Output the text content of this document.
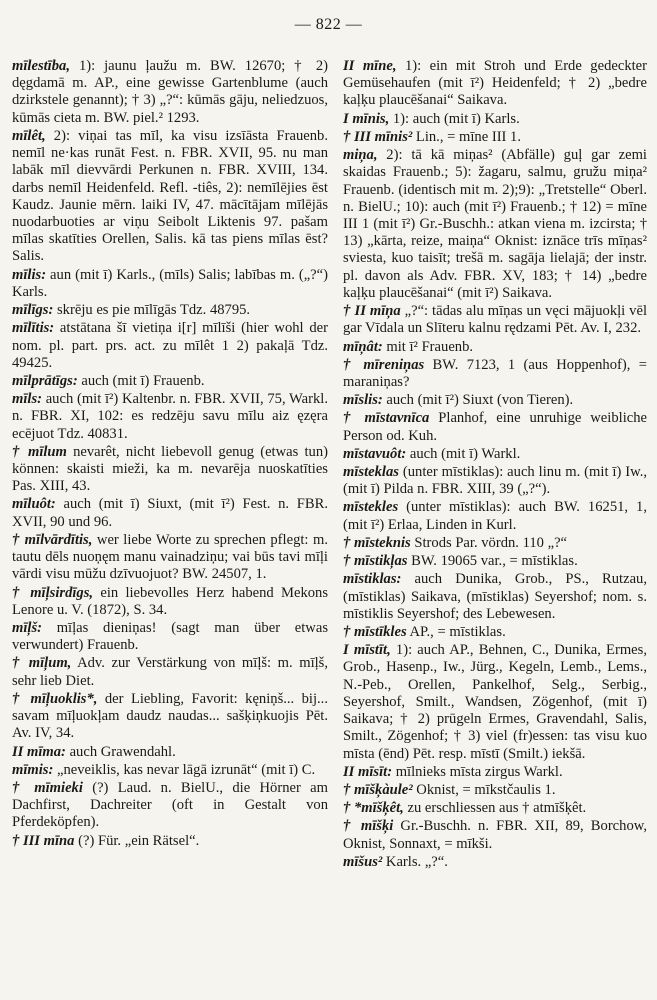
— 822 —

mīlestība, 1): jaunu ļaužu m. BW. 12670; † 2) dęgdamā m. AP., eine gewisse Gartenblume (auch dzirkstele genannt); † 3) „?“: kūmās gāju, neliedzuos, kūmās cieta m. BW. piel.² 1293.

mīlêt, 2): viņai tas mīl, ka visu izsīāsta Frauenb. nemīl ne·kas runāt Fest. n. FBR. XVII, 95. nu man labāk mīl dievvārdi Perkunen n. FBR. XVIII, 134. darbs nemīl Heidenfeld. Refl. -tiês, 2): nemīlējies ēst Kaudz. Jaunie mērn. laiki IV, 47. mācītājam mīlējās nuodarbuoties ar viņu Seibolt Liktenis 97. pašam mīlas skatīties Orellen, Salis. kā tas piens mīlas ēst? Salis.

mīlis: aun (mit ī) Karls., (mīls) Salis; labības m. („?“) Karls.

mīlīgs: skrēju es pie mīlīgās Tdz. 48795.

mīlītis: atstātana šī vietiņa i[r] mīlīši (hier wohl der nom. pl. part. prs. act. zu mīlêt 1 2) pakaļā Tdz. 49425.

mīlprātīgs: auch (mit ī) Frauenb.

mīls: auch (mit ī²) Kaltenbr. n. FBR. XVII, 75, Warkl. n. FBR. XI, 102: es redzēju savu mīlu aiz ęzęra ecējuot Tdz. 40831.

† mīlum nevarêt, nicht liebevoll genug (etwas tun) können: skaisti mieži, ka m. nevarēja nuoskatīties Pas. XIII, 43.

mīluôt: auch (mit ī) Siuxt, (mit ī²) Fest. n. FBR. XVII, 90 und 96.

† mīlvārdītis, wer liebe Worte zu sprechen pflegt: m. tautu dēls nuoņęm manu vainadziņu; vai būs tavi mīļi vārdi visu mūžu dzīvuojuot? BW. 24507, 1.

† mīļsirdīgs, ein liebevolles Herz habend Mekons Lenore u. V. (1872), S. 34.

mīļš: mīļas dieniņas! (sagt man über etwas verwundert) Frauenb.

† mīļum, Adv. zur Verstärkung von mīļš: m. mīļš, sehr lieb Diet.

† mīļuoklis*, der Liebling, Favorit: kęniņš... bij... savam mīļuokļam daudz naudas... sašķiņkuojis Pēt. Av. IV, 34.

II mīma: auch Grawendahl.

mīmis: „neveiklis, kas nevar lāgā izrunāt“ (mit ī) C.

† mīmieki (?) Laud. n. BielU., die Hörner am Dachfirst, Dachreiter (oft in Gestalt von Pferdeköpfen).

† III mīna (?) Für. „ein Rätsel“.

II mīne, 1): ein mit Stroh und Erde gedeckter Gemüsehaufen (mit ī²) Heidenfeld; † 2) „bedre kaļķu plaucēšanai“ Saikava.

I mīnis, 1): auch (mit ī) Karls.

† III mīnis² Lin., = mīne III 1.

miņa, 2): tā kā miņas² (Abfälle) guļ gar zemi skaidas Frauenb.; 5): žagaru, salmu, gružu miņa² Frauenb. (identisch mit m. 2);9): „Tretstelle“ Oberl. n. BielU.; 10): auch (mit ī²) Frauenb.; † 12) = mīne III 1 (mit ī²) Gr.-Buschh.: atkan viena m. izcirsta; † 13) „kārta, reize, maiņa“ Oknist: iznāce trīs mīņas² sviesta, kuo taisīt; trešā m. sagāja lielajā; der instr. pl. davon als Adv. FBR. XV, 183; † 14) „bedre kaļķu plaucēšanai“ (mit ī²) Saikava.

† II mīņa „?“: tādas alu mīņas un vęci mājuokļi vēl gar Vīdala un Slīteru kalnu rędzami Pēt. Av. I, 232.

mīņât: mit ī² Frauenb.

† mīreniņas BW. 7123, 1 (aus Hoppenhof), = maraniņas?

mīslis: auch (mit ī²) Siuxt (von Tieren).

† mīstavnīca Planhof, eine unruhige weibliche Person od. Kuh.

mīstavuôt: auch (mit ī) Warkl.

mīsteklas (unter mīstiklas): auch linu m. (mit ī) Iw., (mit ī) Pilda n. FBR. XIII, 39 („?“).

mīstekles (unter mīstiklas): auch BW. 16251, 1, (mit ī²) Erlaa, Linden in Kurl.

† mīsteknis Strods Par. vördn. 110 „?“

† mīstikļas BW. 19065 var., = mīstiklas.

mīstiklas: auch Dunika, Grob., PS., Rutzau, (mīstiklas) Saikava, (mīstiklas) Seyershof; nom. s. mīstiklis Seyershof; des Lebewesen.

† mīstīkles AP., = mīstiklas.

I mīstīt, 1): auch AP., Behnen, C., Dunika, Ermes, Grob., Hasenp., Iw., Jürg., Kegeln, Lemb., Lems., N.-Peb., Orellen, Pankelhof, Selg., Serbig., Seyershof, Smilt., Wandsen, Zögenhof, (mit ī) Saikava; † 2) prūgeln Ermes, Gravendahl, Salis, Smilt., Zögenhof; † 3) viel (fr)essen: tas visu kuo mīsta (ēnd) Pēt. resp. mīstī (Smilt.) iekšā.

II mīsīt: mīlnieks mīsta zirgus Warkl.

† mīšķàule² Oknist, = mīkstčaulis 1.

† *mīšķêt, zu erschliessen aus † atmīšķêt.

† mīšķi Gr.-Buschh. n. FBR. XII, 89, Borchow, Oknist, Sonnaxt, = mīkši.

mīšus² Karls. „?“.
